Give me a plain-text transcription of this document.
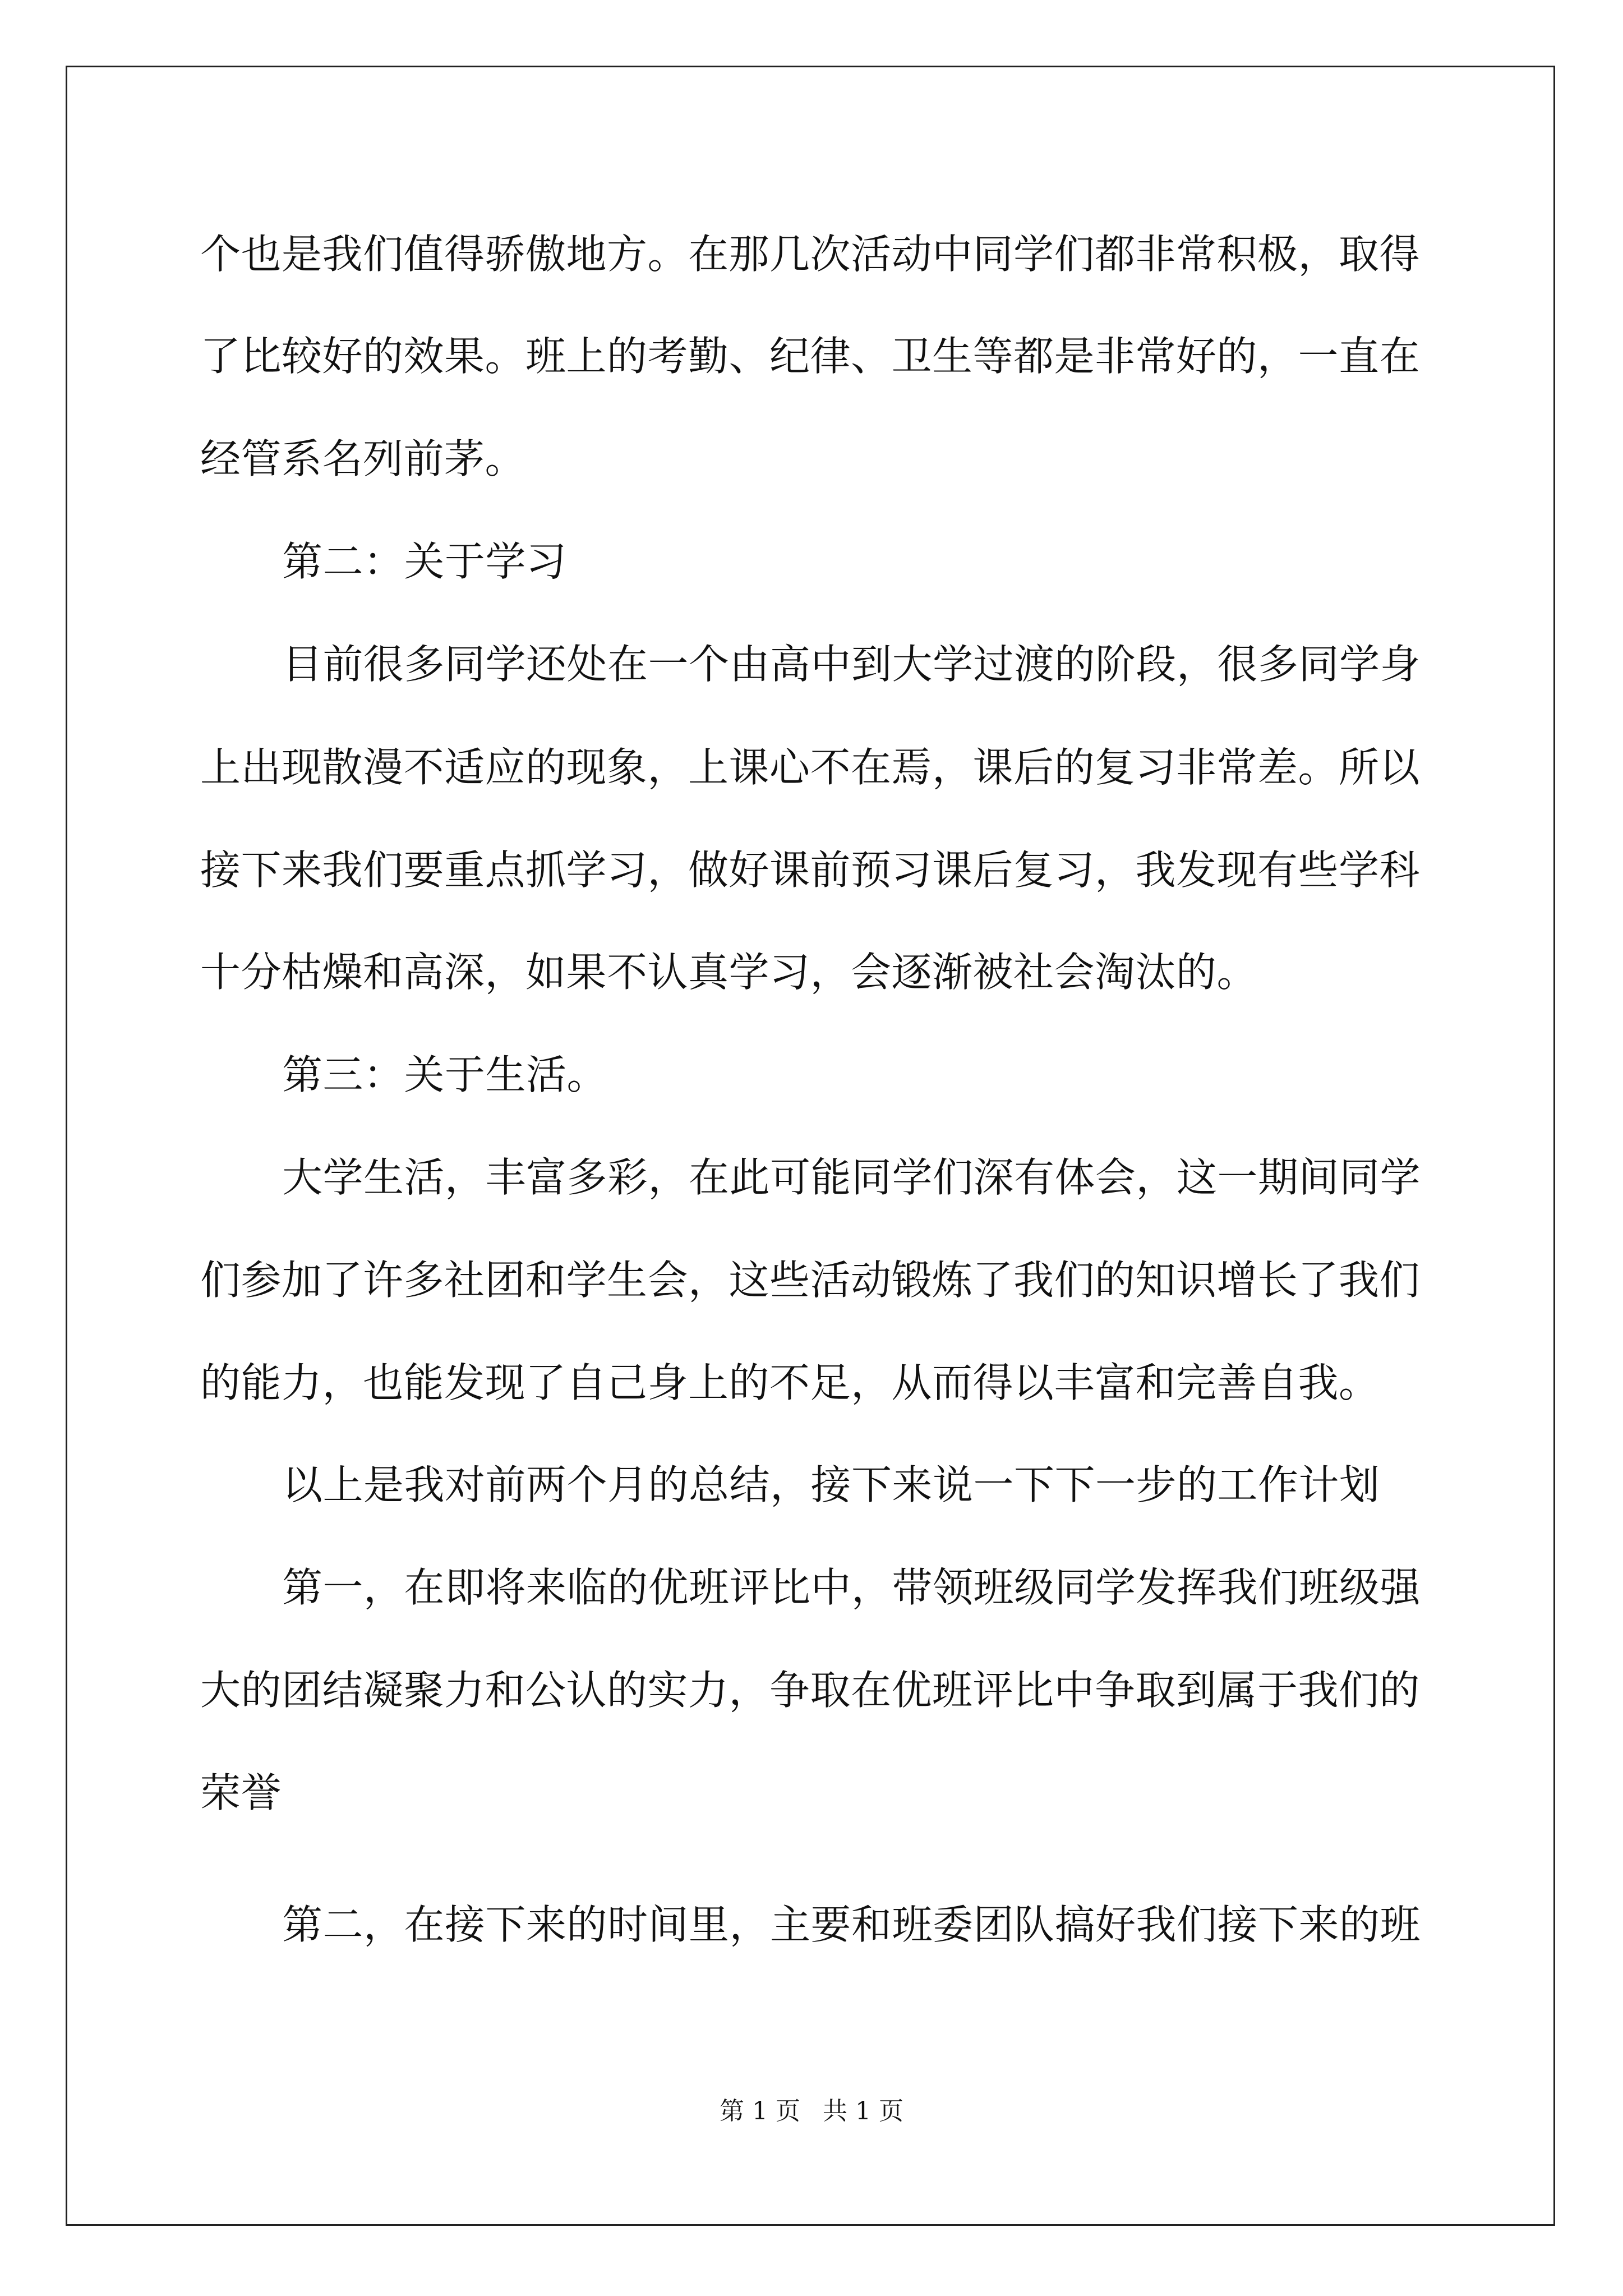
个也是我们值得骄傲地方。在那几次活动中同学们都非常积极，取得
了比较好的效果。班上的考勤、纪律、卫生等都是非常好的，一直在
经管系名列前茅。
第二：关于学习
目前很多同学还处在一个由高中到大学过渡的阶段，很多同学身
上出现散漫不适应的现象，上课心不在焉，课后的复习非常差。所以
接下来我们要重点抓学习，做好课前预习课后复习，我发现有些学科
十分枯燥和高深，如果不认真学习，会逐渐被社会淘汰的。
第三：关于生活。
大学生活，丰富多彩，在此可能同学们深有体会，这一期间同学
们参加了许多社团和学生会，这些活动锻炼了我们的知识增长了我们
的能力，也能发现了自己身上的不足，从而得以丰富和完善自我。
以上是我对前两个月的总结，接下来说一下下一步的工作计划
第一，在即将来临的优班评比中，带领班级同学发挥我们班级强
大的团结凝聚力和公认的实力，争取在优班评比中争取到属于我们的
荣誉
第二，在接下来的时间里，主要和班委团队搞好我们接下来的班
第 1 页 共 1 页
